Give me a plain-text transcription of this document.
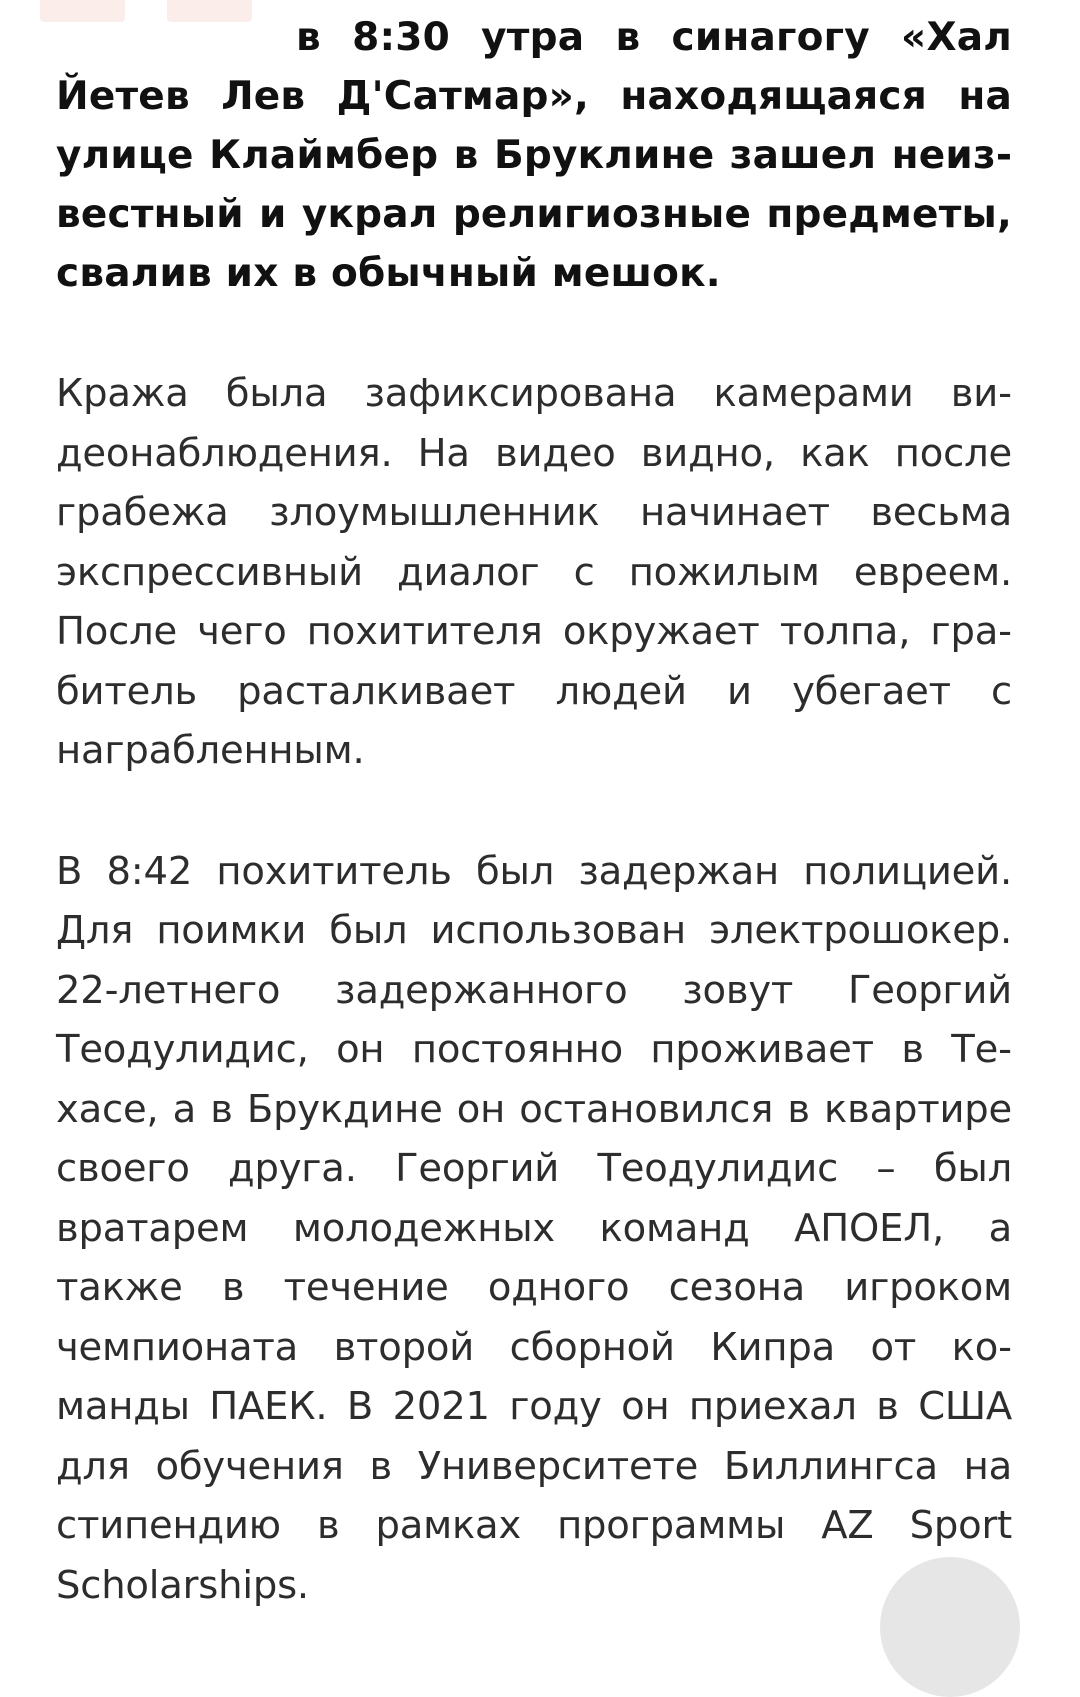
в 8:30 утра в синагогу «Хал Йетев Лев Д'Сатмар», находящаяся на улице Клаймбер в Бруклине зашел неизвестный и украл религиозные предметы, свалив их в обычный мешок.

Кража была зафиксирована камерами видеонаблюдения. На видео видно, как после грабежа злоумышленник начинает весьма экспрессивный диалог с пожилым евреем. После чего похитителя окружает толпа, грабитель расталкивает людей и убегает с награбленным.

В 8:42 похититель был задержан полицией. Для поимки был использован электрошокер. 22-летнего задержанного зовут Георгий Теодулидис, он постоянно проживает в Техасе, а в Брукдине он остановился в квартире своего друга. Георгий Теодулидис – был вратарем молодежных команд АПОЕЛ, а также в течение одного сезона игроком чемпионата второй сборной Кипра от команды ПАЕК. В 2021 году он приехал в США для обучения в Университете Биллингса на стипендию в рамках программы AZ Sport Scholarships.
